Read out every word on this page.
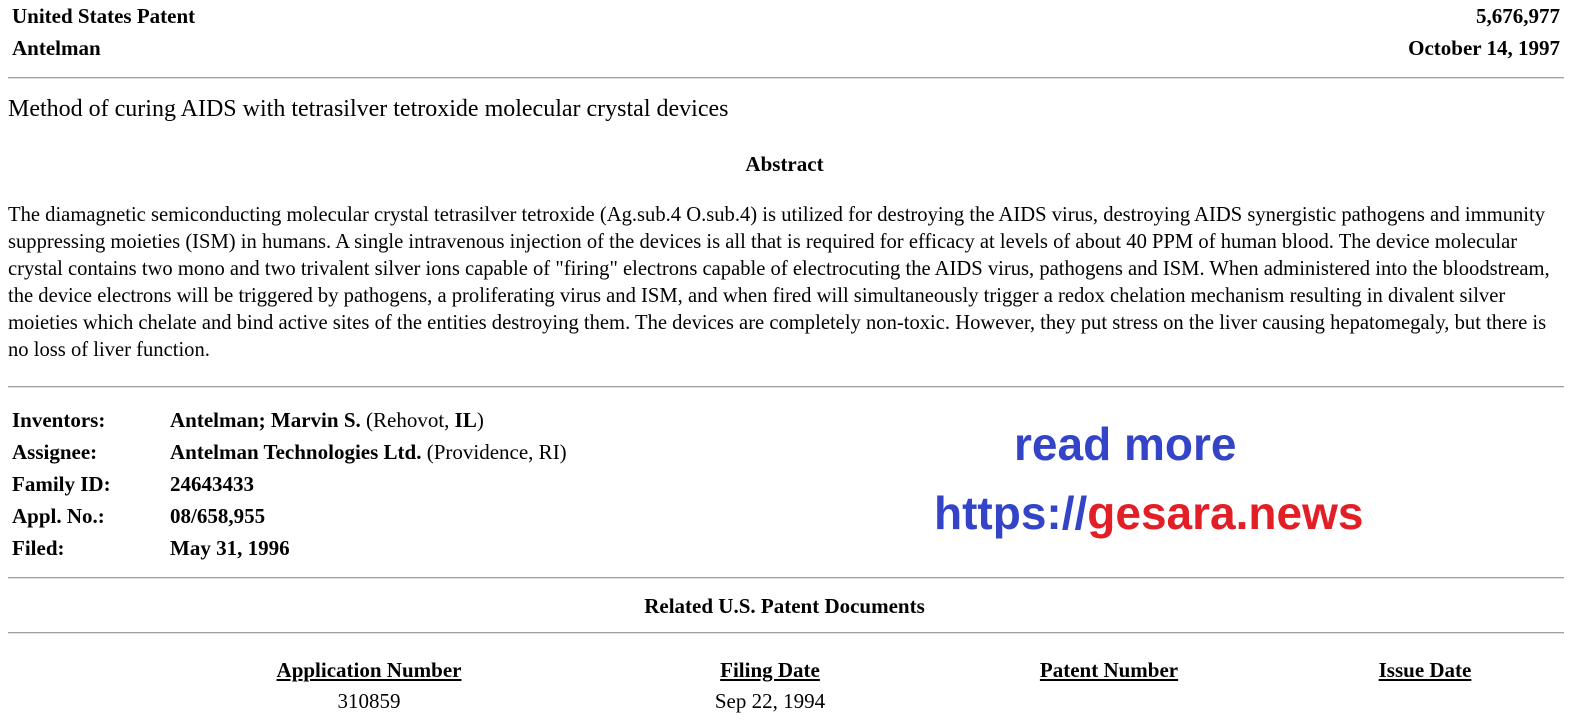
United States Patent	5,676,977
Antelman	October 14, 1997
Method of curing AIDS with tetrasilver tetroxide molecular crystal devices
Abstract
The diamagnetic semiconducting molecular crystal tetrasilver tetroxide (Ag.sub.4 O.sub.4) is utilized for destroying the AIDS virus, destroying AIDS synergistic pathogens and immunity suppressing moieties (ISM) in humans. A single intravenous injection of the devices is all that is required for efficacy at levels of about 40 PPM of human blood. The device molecular crystal contains two mono and two trivalent silver ions capable of "firing" electrons capable of electrocuting the AIDS virus, pathogens and ISM. When administered into the bloodstream, the device electrons will be triggered by pathogens, a proliferating virus and ISM, and when fired will simultaneously trigger a redox chelation mechanism resulting in divalent silver moieties which chelate and bind active sites of the entities destroying them. The devices are completely non-toxic. However, they put stress on the liver causing hepatomegaly, but there is no loss of liver function.
Inventors:	Antelman; Marvin S. (Rehovot, IL)
Assignee:	Antelman Technologies Ltd. (Providence, RI)
Family ID:	24643433
Appl. No.:	08/658,955
Filed:	May 31, 1996
read more
https://gesara.news
Related U.S. Patent Documents
Application Number	Filing Date	Patent Number	Issue Date
310859	Sep 22, 1994
